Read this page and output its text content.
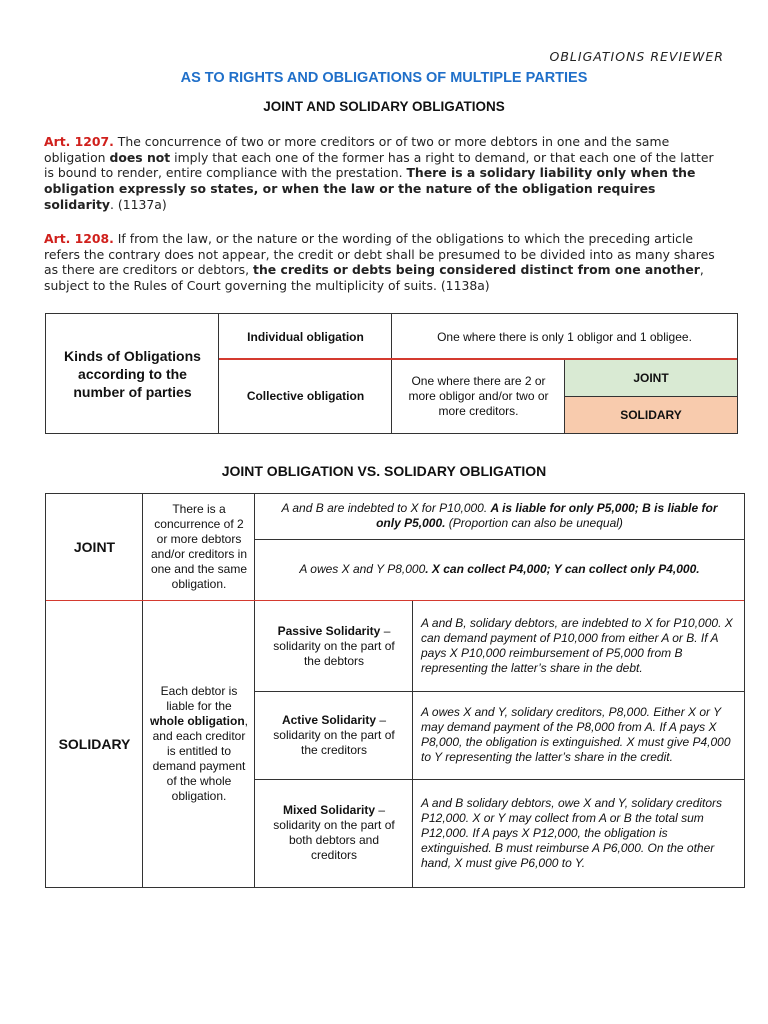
OBLIGATIONS REVIEWER
AS TO RIGHTS AND OBLIGATIONS OF MULTIPLE PARTIES
JOINT AND SOLIDARY OBLIGATIONS
Art. 1207. The concurrence of two or more creditors or of two or more debtors in one and the same obligation does not imply that each one of the former has a right to demand, or that each one of the latter is bound to render, entire compliance with the prestation. There is a solidary liability only when the obligation expressly so states, or when the law or the nature of the obligation requires solidarity. (1137a)
Art. 1208. If from the law, or the nature or the wording of the obligations to which the preceding article refers the contrary does not appear, the credit or debt shall be presumed to be divided into as many shares as there are creditors or debtors, the credits or debts being considered distinct from one another, subject to the Rules of Court governing the multiplicity of suits. (1138a)
Kinds of Obligations according to the number of parties
Individual obligation	One where there is only 1 obligor and 1 obligee.
Collective obligation
One where there are 2 or more obligor and/or two or more creditors.
JOINT
SOLIDARY
JOINT OBLIGATION VS. SOLIDARY OBLIGATION
JOINT
There is a concurrence of 2 or more debtors and/or creditors in one and the same obligation.
A and B are indebted to X for P10,000. A is liable for only P5,000; B is liable for only P5,000. (Proportion can also be unequal)
A owes X and Y P8,000. X can collect P4,000; Y can collect only P4,000.
SOLIDARY
Each debtor is liable for the whole obligation, and each creditor is entitled to demand payment of the whole obligation.
Passive Solidarity – solidarity on the part of the debtors
A and B, solidary debtors, are indebted to X for P10,000. X can demand payment of P10,000 from either A or B. If A pays X P10,000 reimbursement of P5,000 from B representing the latter’s share in the debt.
Active Solidarity – solidarity on the part of the creditors
A owes X and Y, solidary creditors, P8,000. Either X or Y may demand payment of the P8,000 from A. If A pays X P8,000, the obligation is extinguished. X must give P4,000 to Y representing the latter’s share in the credit.
Mixed Solidarity – solidarity on the part of both debtors and creditors
A and B solidary debtors, owe X and Y, solidary creditors P12,000. X or Y may collect from A or B the total sum P12,000. If A pays X P12,000, the obligation is extinguished. B must reimburse A P6,000. On the other hand, X must give P6,000 to Y.
